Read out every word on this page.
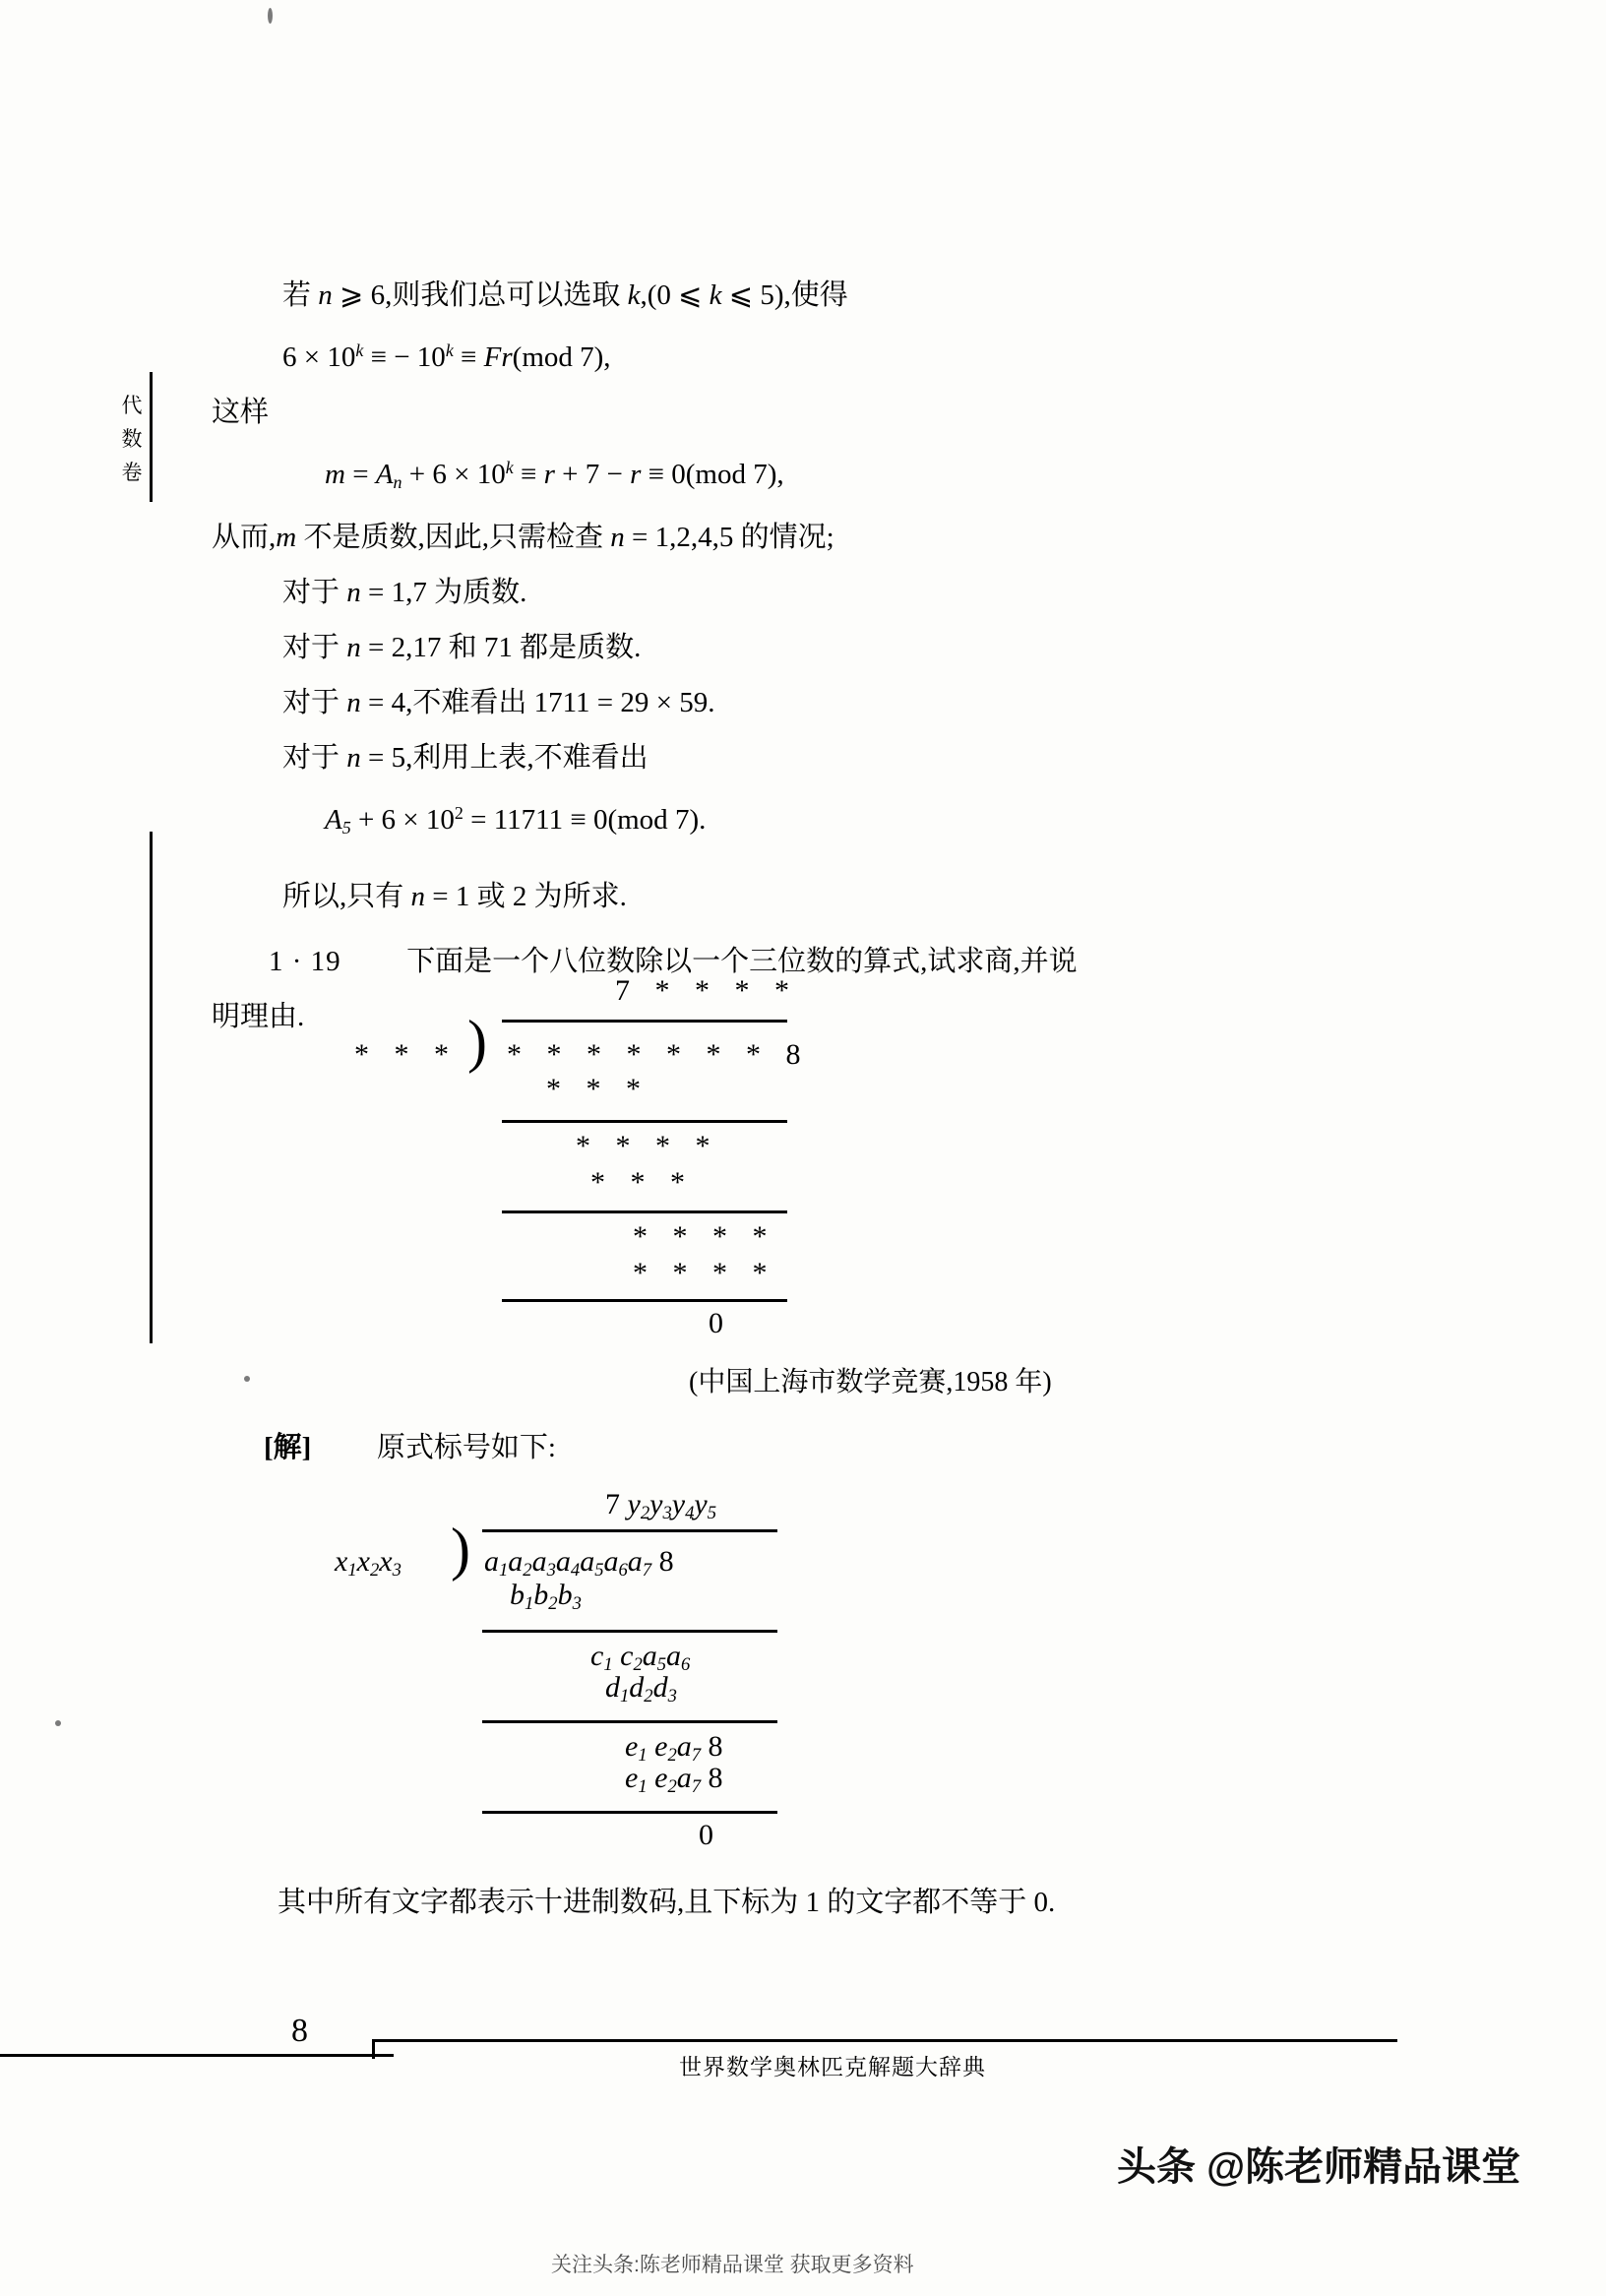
代
数
卷
若 n ⩾ 6,则我们总可以选取 k,(0 ⩽ k ⩽ 5),使得
$6 \times 10^k$ ≡ − $10^k \equiv Fr(mod$ 7),
这样
$m = A_n + 6 \times 10^k \equiv r + 7 - r \equiv 0(mod$ 7),
从而,m 不是质数,因此,只需检查 n = 1,2,4,5 的情况;
对于 n = 1,7 为质数.
对于 n = 2,17 和 71 都是质数.
对于 n = 4,不难看出 1711 = 29 × 59.
对于 n = 5,利用上表,不难看出
$A_5 + 6 \times 10^2 = 11711 \equiv 0(mod$ 7).
所以,只有 n = 1 或 2 为所求.
1 · 19 下面是一个八位数除以一个三位数的算式,试求商,并说
明理由.
7 * * * *
* * * ) * * * * * * * 8
* * *
* * * *
* * *
* * * *
* * * *
0
(中国上海市数学竞赛,1958 年)
[解] 原式标号如下:
7 $y_2y_3y_4y_5$
$x_1x_2x_3$ ) $a_1a_2a_3a_4a_5a_6a_7$ 8
$b_1b_2b_3$
$c_1$ $c_2a_5a_6$
$d_1d_2d_3$
$e_1$ $e_2a_7$ 8
$e_1$ $e_2a_7$ 8
0
其中所有文字都表示十进制数码,且下标为 1 的文字都不等于 0.
8
世界数学奥林匹克解题大辞典
头条 @陈老师精品课堂
关注头条:陈老师精品课堂 获取更多资料
